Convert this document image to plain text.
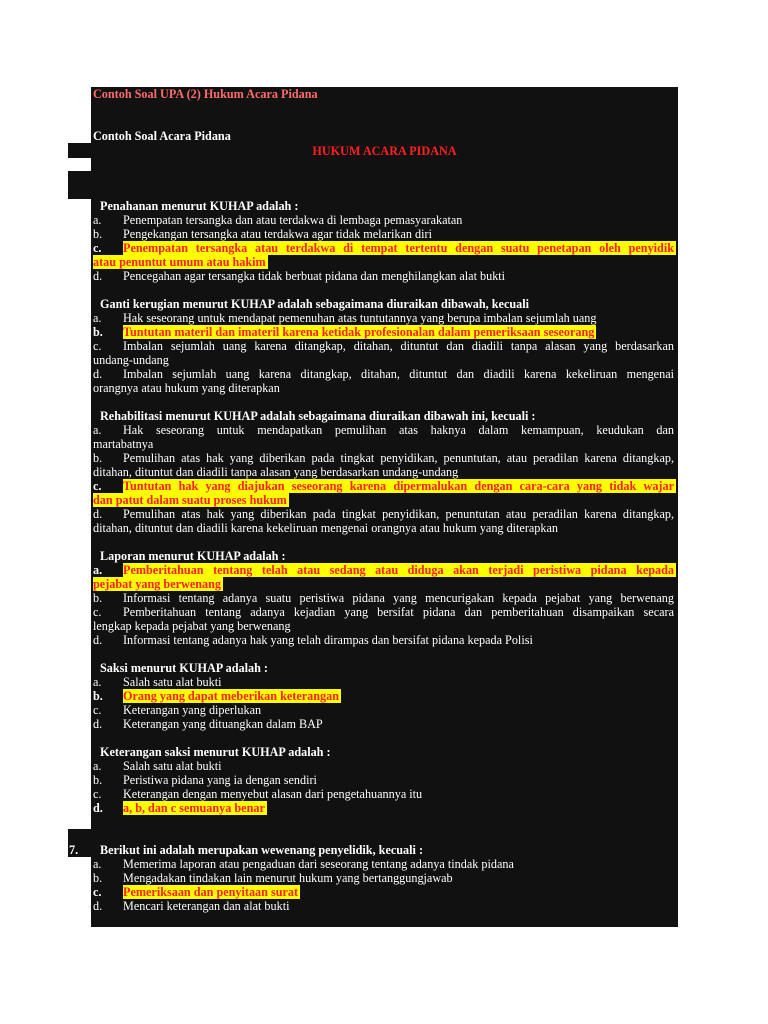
Contoh Soal UPA (2) Hukum Acara Pidana
Contoh Soal Acara Pidana
HUKUM ACARA PIDANA
1. Penahanan menurut KUHAP adalah :
a. Penempatan tersangka dan atau terdakwa di lembaga pemasyarakatan
b. Pengekangan tersangka atau terdakwa agar tidak melarikan diri
c. Penempatan tersangka atau terdakwa di tempat tertentu dengan suatu penetapan oleh penyidik
atau penuntut umum atau hakim
d. Pencegahan agar tersangka tidak berbuat pidana dan menghilangkan alat bukti
2. Ganti kerugian menurut KUHAP adalah sebagaimana diuraikan dibawah, kecuali
a. Hak seseorang untuk mendapat pemenuhan atas tuntutannya yang berupa imbalan sejumlah uang
b. Tuntutan materil dan imateril karena ketidak profesionalan dalam pemeriksaan seseorang
c. Imbalan sejumlah uang karena ditangkap, ditahan, dituntut dan diadili tanpa alasan yang berdasarkan
undang-undang
d. Imbalan sejumlah uang karena ditangkap, ditahan, dituntut dan diadili karena kekeliruan mengenai
orangnya atau hukum yang diterapkan
3. Rehabilitasi menurut KUHAP adalah sebagaimana diuraikan dibawah ini, kecuali :
a. Hak seseorang untuk mendapatkan pemulihan atas haknya dalam kemampuan, keudukan dan
martabatnya
b. Pemulihan atas hak yang diberikan pada tingkat penyidikan, penuntutan, atau peradilan karena ditangkap,
ditahan, dituntut dan diadili tanpa alasan yang berdasarkan undang-undang
c. Tuntutan hak yang diajukan seseorang karena dipermalukan dengan cara-cara yang tidak wajar
dan patut dalam suatu proses hukum
d. Pemulihan atas hak yang diberikan pada tingkat penyidikan, penuntutan atau peradilan karena ditangkap,
ditahan, dituntut dan diadili karena kekeliruan mengenai orangnya atau hukum yang diterapkan
4. Laporan menurut KUHAP adalah :
a. Pemberitahuan tentang telah atau sedang atau diduga akan terjadi peristiwa pidana kepada
pejabat yang berwenang
b. Informasi tentang adanya suatu peristiwa pidana yang mencurigakan kepada pejabat yang berwenang
c. Pemberitahuan tentang adanya kejadian yang bersifat pidana dan pemberitahuan disampaikan secara
lengkap kepada pejabat yang berwenang
d. Informasi tentang adanya hak yang telah dirampas dan bersifat pidana kepada Polisi
5. Saksi menurut KUHAP adalah :
a. Salah satu alat bukti
b. Orang yang dapat meberikan keterangan
c. Keterangan yang diperlukan
d. Keterangan yang dituangkan dalam BAP
6. Keterangan saksi menurut KUHAP adalah :
a. Salah satu alat bukti
b. Peristiwa pidana yang ia dengan sendiri
c. Keterangan dengan menyebut alasan dari pengetahuannya itu
d. a, b, dan c semuanya benar
7. Berikut ini adalah merupakan wewenang penyelidik, kecuali :
a. Memerima laporan atau pengaduan dari seseorang tentang adanya tindak pidana
b. Mengadakan tindakan lain menurut hukum yang bertanggungjawab
c. Pemeriksaan dan penyitaan surat
d. Mencari keterangan dan alat bukti
